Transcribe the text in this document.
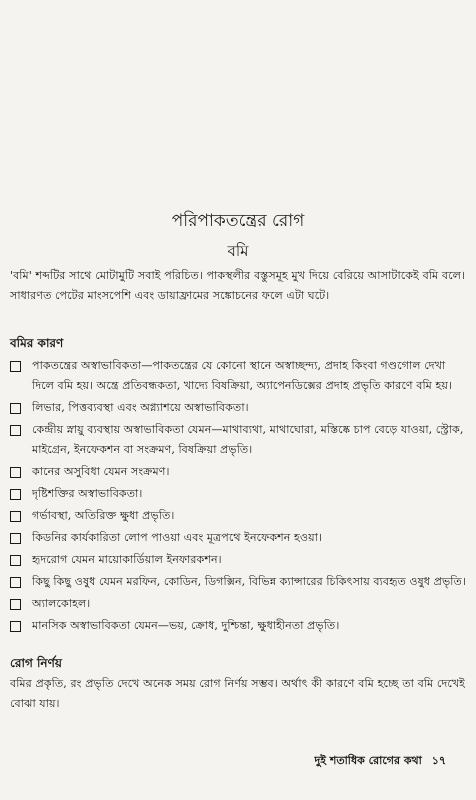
পরিপাকতন্ত্রের রোগ
বমি
'বমি' শব্দটির সাথে মোটামুটি সবাই পরিচিত। পাকস্থলীর বস্তুসমূহ মুখ দিয়ে বেরিয়ে আসাটাকেই বমি বলে। সাধারণত পেটের মাংসপেশি এবং ডায়াফ্রামের সঙ্কোচনের ফলে এটা ঘটে।
বমির কারণ
পাকতন্ত্রের অস্বাভাবিকতা—পাকতন্ত্রের যে কোনো স্থানে অস্বাচ্ছন্দ্য, প্রদাহ কিংবা গণ্ডগোল দেখা দিলে বমি হয়। অন্ত্রে প্রতিবন্ধকতা, খাদ্যে বিষক্রিয়া, অ্যাপেনডিক্সের প্রদাহ প্রভৃতি কারণে বমি হয়।
লিভার, পিত্তব্যবস্থা এবং অগ্ন্যাশয়ে অস্বাভাবিকতা।
কেন্দ্রীয় স্নায়ু ব্যবস্থায় অস্বাভাবিকতা যেমন—মাথাব্যথা, মাথাঘোরা, মস্তিষ্কে চাপ বেড়ে যাওয়া, স্ট্রোক, মাইগ্রেন, ইনফেকশন বা সংক্রমণ, বিষক্রিয়া প্রভৃতি।
কানের অসুবিধা যেমন সংক্রমণ।
দৃষ্টিশক্তির অস্বাভাবিকতা।
গর্ভাবস্থা, অতিরিক্ত ক্ষুধা প্রভৃতি।
কিডনির কার্যকারিতা লোপ পাওয়া এবং মূত্রপথে ইনফেকশন হওয়া।
হৃদরোগ যেমন মায়োকার্ডিয়াল ইনফারকশন।
কিছু কিছু ওষুধ যেমন মরফিন, কোডিন, ডিগক্সিন, বিভিন্ন ক্যান্সারের চিকিৎসায় ব্যবহৃত ওষুধ প্রভৃতি।
অ্যালকোহল।
মানসিক অস্বাভাবিকতা যেমন—ভয়, ক্রোধ, দুশ্চিন্তা, ক্ষুধাহীনতা প্রভৃতি।
রোগ নির্ণয়
বমির প্রকৃতি, রং প্রভৃতি দেখে অনেক সময় রোগ নির্ণয় সম্ভব। অর্থাৎ কী কারণে বমি হচ্ছে তা বমি দেখেই বোঝা যায়।
দুই শতাধিক রোগের কথা ১৭
